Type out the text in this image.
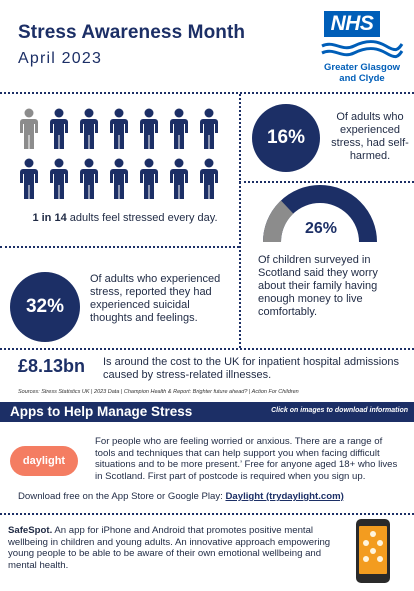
Stress Awareness Month
April 2023
NHS
Greater Glasgow
and Clyde
1 in 14 adults feel stressed every day.
16%
Of adults who experienced stress, had self-harmed.
26%
Of children surveyed in Scotland said they worry about their family having enough money to live comfortably.
32%
Of adults who experienced stress, reported they had experienced suicidal thoughts and feelings.
£8.13bn Is around the cost to the UK for inpatient hospital admissions caused by stress-related illnesses.
Sources: Stress Statistics UK | 2023 Data | Champion Health & Report: Brighter future ahead? | Action For Children
Apps to Help Manage Stress	Click on images to download information
daylight
For people who are feeling worried or anxious. There are a range of tools and techniques that can help support you when facing difficult situations and to be more present.’ Free for anyone aged 18+ who lives in Scotland. First part of postcode is required when you sign up.
Download free on the App Store or Google Play: Daylight (trydaylight.com)
SafeSpot. An app for iPhone and Android that promotes positive mental wellbeing in children and young adults. An innovative approach empowering young people to be able to be aware of their own emotional wellbeing and mental health.
